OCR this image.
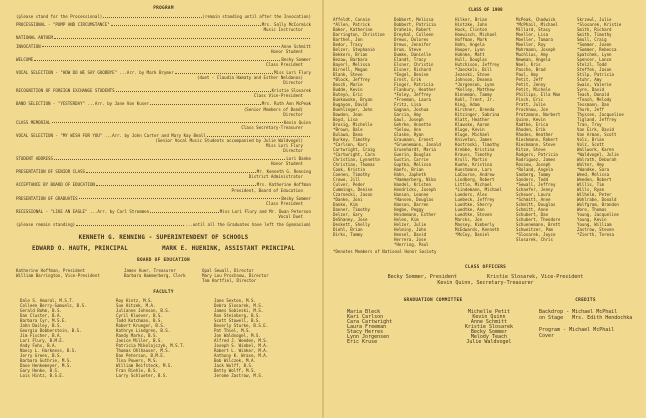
PROGRAM
(please stand for the Processional)	(remain standing until after the Invocation)
PROCESSIONAL - "POMP AND CIRCUMSTANCE"	Mrs. Sally McCormick
Music Instructor
NATIONAL ANTHEM
INVOCATION	Anne Schmitt
Honor Student
WELCOME	Becky Sommer
Class President
VOCAL SELECTION - "HOW DO WE SAY GOODBYE" ...Arr. by Mark Brymer	Miss Lori Flury
(duet - Claudia Hamaty and Esther Neldanos)
Director
RECOGNITION OF FOREIGN EXCHANGE STUDENTS	Kristie Slosarek
Class Vice-President
BAND SELECTION - "YESTERDAY" ...Arr. by Jane Von Kuser	Mrs. Ruth Ann McPeak
(Senior Members of Band)
Director
CLASS MEMORIAL	Kevin Quinn
Class Secretary-Treasurer
VOCAL SELECTION - "MY WISH FOR YOU" ...Arr. by John Carter and Mary Kay Beall
(Senior Vocal Music Students accompanied by Julie Waldvogel)
Miss Lori Flury
Director
STUDENT ADDRESS	Lori Banke
Honor Student
PRESENTATION OF SENIOR CLASS	Mr. Kenneth G. Renning
District Administrator
ACCEPTANCE BY BOARD OF EDUCATION	Mrs. Katherine Hoffman
President, Board of Education
PRESENTATION OF GRADUATES	Becky Sommer
Class President
RECESSIONAL - "LIKE AN EAGLE" ...Arr. by Carl Strommen	Miss Lori Flury and Mr. Dwan Peterson
Vocal Duet
(please remain standing)	...until all the Graduates have left the Gymnasium)
KENNETH G. RENNING - SUPERINTENDENT OF SCHOOLS
EDWARD O. HAUTH, PRINCIPAL	MARK E. HUENINK, ASSISTANT PRINCIPAL
BOARD OF EDUCATION
Katherine Hoffman, President
William Barrington, Vice-President
James Auer, Treasurer
Barbara Hammerberg, Clerk
Opal Sewall, Director
Mary Lou Prochnow, Director
Tom Hartfiel, Director
FACULTY
Dale S. Amaral, M.S.T.
Colleen Berry-Samuels, B.S.
Gerald Bohm, B.S.
Dan Cluster, B.A.
Barbara Cyr, M.S.E.
John Dailey, B.S.
Georgia Dobberstein, B.S.
Jim Fischer, B.A.
Lori Flury, B.M.E.
Andy Fuhs, B.A.
Nancy L. Harkness, B.S.
Jerry Green, B.S.
Barbara Guthrie, M.S.
Dave Henkemeyer, M.S.
Gary Henke, B.S.
Lois Hintz, B.S.E.
Roy Hintz, M.S.
Sue Hitzek, M.A.
Julianne Johnson, B.S.
Cyril Kluever, B.S.
Todd Kotchman, B.S.
Robert Krueger, B.S.
Kathryn Lindgren, B.S.
Randy Marks, B.S.
Janice Miller, B.S.
Patricia Mikolajczyk, M.S.T.
Thomas Ohlhauser, M.S.
Dan Peterson, B.M.E.
Tina Powers, M.S.
William Reifsteck, M.S.
Fran Riehle, B.S.
Larry Schlueter, B.S.
Jane Sexton, M.S.
Debra Slosarek, M.S.
James Sobieski, M.S.
Ron Steinberg, B.S.
Scott Stowell, B.S.
Beverly Sturke, B.S.E.
Pat Thiel, M.S.
Jon Waldvogel, M.S.
Alfred J. Weeden, M.S.
Joseph S. Wiebel, M.A.
Robert L. Winker, M.A.
Anthony K. Wrase, M.A.
Bob Wilczek, M.A.
Jack Wolff, B.S.
Betty Wolff, M.S.
Jerome Zastrow, M.S.
CLASS OF 1998
Affeldt, Connie
*Allen, Patrick
Baker, Katherine
Barrington, Christine
Barthel, Jon
Bedor, Tracy
Belzer, Stephanie
Bekkers, Brian
Bezaw, Barbara
Bayerl, Melissa
Birnell, Megan
Blank, Steve
*Block, Jeffrey
Bosch, Marie
Budde, Kevin
Buteyn, Eric
Bunkowske, Bryan
Bugayon, David
Buehlinger, John
Bowden, Jean
Boyd, Lisa
Brosig, Michelle
*Brown, Dale
Bulawa, Dana
Burkey, Timothy
*Carlson, Kari
Cartwright, Craig
*Cartwright, Cara
Christian, Lynnette
Christian, Thomas
Cook, Kristin
Coenen, Timothy
Crowe, Jill
Culver, Peder
Cummings, Denise
Czarnecki, Jason
*Danke, Joni
Danke, Kim
Danner, Timothy
Delzer, Gary
DeShaney, Jose
Deskett, Shelly
Diehl, Brian
Dirks, Tammy
Dobbert, Melissa
Dobbert, Patricia
Drahein, Robert
Dreyhal, Colleen
Drews, Dolores
Drews, Jennifer
Drum, Steve
Dumke, Danielle
Elandt, Tracy
Elsner, Christin
Elsner, Richard
*Engel, Denise
Ernst, Erik
Finger, Patricia
Flanbury, Heather
*Foley, Jeffrey
*Freeman, Laura
Fritz, Lisa
Gagnon, Joshua
Garcia, Amy
Gaul, Joseph
Gehrke, Annette
*Gelow, Ann
Glaske, Ryan
Graumann, Ernest
*Gruenemann, Jonald
Gruenhardt, Maria
Guerin, Douglas
Gustin, Carrie
Guptka, Melissa
Haefs, Brian
Hahn, Japheth
*Hammerberg, Nika
Handel, Kristen
Hendricks, Joseph
Hanson, Leanne
*Hansen, Douglas
Hanson, Darren
Hegbe, Peggy
Heidemann, Esther
Helen, Kim
Helzer, Julie
Helminy, John
Hensel, David
Herrera, Jose
*Herring, Paul
Hilker, Brian
Hintzke, John
Hock, Clinton
Hoewisch, Michael
Hoffman, Mark
Hohn, Angela
Hooper, Lynn
Huhnke, Matt
Hull, Douglas
Hutchison, Jeffrey
*Jaeckels, Bill
Jezeski, Steve
Johnson, Deanna
*Jorgenson, Lynn
*Kelley, Matthew
Kinneman, Tammy
Kohl, Trent, Jr.
King, Adam
Kirchner, Brenda
Kitzinger, Sabrina
Klatt, Heather
Klawske, Aaron
Kluge, Kevin
Kluge, Michael
Kniveton, James
Kostroski, Timothy
Krebbe, Kristina
Krauss, Timothy
Krull, Martin
Kuehn, Kristina
Kunstmann, Lars
LaCourse, Andrew
Lindberg, Robert
Little, Michael
*Lindemann, Michael
Lueders, Alex
Luebeck, Jeffrey
Luedtke, Sherry
Luedtke, Ann
Luedtke, Steven
Marcks, Jon
Massey, Kimberly
McEdwards, Kenneth
*McCoy, Daniel
McPeak, Chadwick
*McPhail, Michael
Millard, Stacy
Moeller, Lisa
Moeller, Tamara
Moeller, Roy
Mohrmann, Joseph
Muchlius, Amy
Newman, Angela
Noel, Kris
Pasche, Brad
Paul, Amy
Petit, Jeff
Petit, Jenny
Petit, Michele
Phillips, Ella Mae
Pinch, Eric
Pratt, Julie
Prochnow, Jon
Protzmann, Norbert
Quinn, Kevin
Radtke, Erica
Rhoden, Erik
Rhodes, Heather
Rieckmann, Robert
Rieckmann, Steve
Ritze, Steve
Rodgers, Patricia
Rodriguez, James
Rossow, Joseph
*Roland, Angela
Sanberg, Tammy
Sanders, Todd
*Sewall, Jeffrey
Schaefer, Jenny
Scheuer, Laura
*Schmitt, Anne
Schmitt, Douglas
Schmitt, Anne
Schubert, Dan
Schubert, Theodore
Schuenemann, Brett
Schweitzer, Pam
*Slosarek, Joyce
Slosarek, Chris
Skrzewl, Julie
*Slosarek, Kristie
Smith, Richard
Smith, Timothy
Smull, Craig
*Sommer, Joann
*Sommer, Rebecca
Spatchek, Lynn
Spencer, Lance
Stelzl, Todd
Steffen, Jason
Stilp, Patricia
Stuhr, Amy
Swain, Valerie
Syre, David
Teach, Donald
*Teach, Melody
Tessmann, Dan
Thurk, Jeff
Thyssen, Jacqueline
Tigland, Jeffrey
Tran, Troy
Van Eirk, David
Van Arman, Scott
Volz, Brian
Volz, Scott
Wallwork, Karen
*Waldvogel, Julie
Walrath, Deborah
Walter, Amy
*Wandke, Sara
Weed, Melissa
Weeden, Robert
Willis, Tim
Wills, Ryan
Wilhelm, Peter
Wohlrabe, Donald
Wolfgram, Brandon
Wore, Thomas
Young, Jacqueline
Young, Kevin
Young, William
Zastrow, Steven
*Zierth, Teresa
*Denotes Members of National Honor Society
CLASS OFFICERS
Becky Sommer, President          Kristie Slosarek, Vice-President
Kevin Quinn, Secretary-Treasurer
GRADUATION COMMITTEE
Maria Bleck
Kari Carlson
Cara Cartwright
Laura Freeman
Stacy Herres
Lynn Jorgensen
Eric Kruse
Michelle Petit
Kevin Quinn
Anne Schmitt
Kristie Slosarek
Becky Sommer
Melody Teach
Julie Waldvogel
CREDITS
Backdrop - Michael McPhail
on Stage   Mrs. Edith Hendochka
Program - Michael McPhail
Cover
